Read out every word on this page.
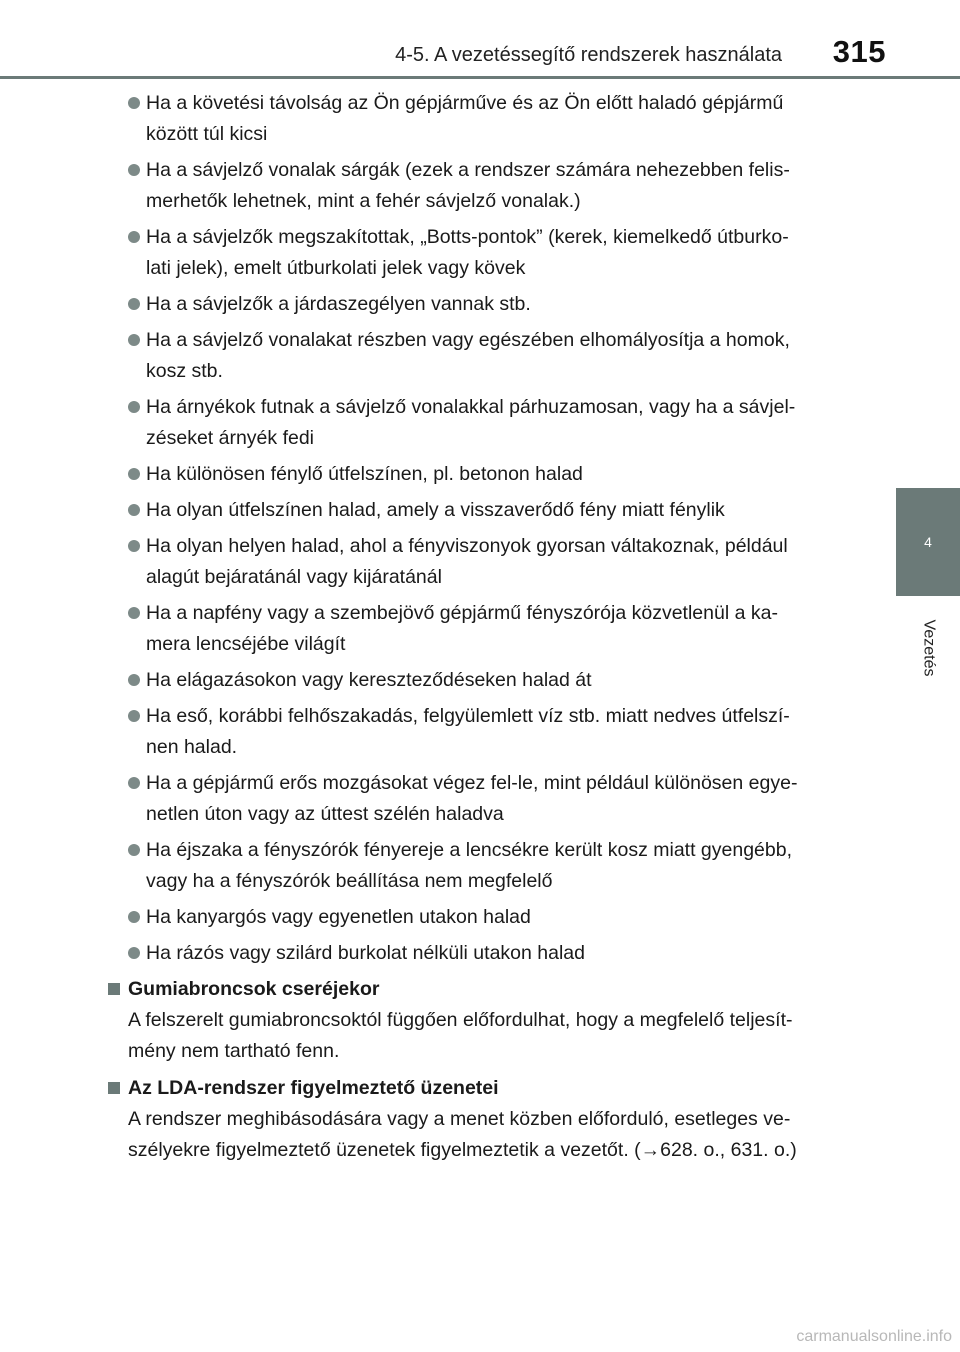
4-5. A vezetéssegítő rendszerek használata 315
4
Vezetés
Ha a követési távolság az Ön gépjárműve és az Ön előtt haladó gépjármű
között túl kicsi
Ha a sávjelző vonalak sárgák (ezek a rendszer számára nehezebben felis-
merhetők lehetnek, mint a fehér sávjelző vonalak.)
Ha a sávjelzők megszakítottak, „Botts-pontok” (kerek, kiemelkedő útburko-
lati jelek), emelt útburkolati jelek vagy kövek
Ha a sávjelzők a járdaszegélyen vannak stb.
Ha a sávjelző vonalakat részben vagy egészében elhomályosítja a homok,
kosz stb.
Ha árnyékok futnak a sávjelző vonalakkal párhuzamosan, vagy ha a sávjel-
zéseket árnyék fedi
Ha különösen fénylő útfelszínen, pl. betonon halad
Ha olyan útfelszínen halad, amely a visszaverődő fény miatt fénylik
Ha olyan helyen halad, ahol a fényviszonyok gyorsan váltakoznak, például
alagút bejáratánál vagy kijáratánál
Ha a napfény vagy a szembejövő gépjármű fényszórója közvetlenül a ka-
mera lencséjébe világít
Ha elágazásokon vagy kereszteződéseken halad át
Ha eső, korábbi felhőszakadás, felgyülemlett víz stb. miatt nedves útfelszí-
nen halad.
Ha a gépjármű erős mozgásokat végez fel-le, mint például különösen egye-
netlen úton vagy az úttest szélén haladva
Ha éjszaka a fényszórók fényereje a lencsékre került kosz miatt gyengébb,
vagy ha a fényszórók beállítása nem megfelelő
Ha kanyargós vagy egyenetlen utakon halad
Ha rázós vagy szilárd burkolat nélküli utakon halad
Gumiabroncsok cseréjekor
A felszerelt gumiabroncsoktól függően előfordulhat, hogy a megfelelő teljesít-
mény nem tartható fenn.
Az LDA-rendszer figyelmeztető üzenetei
A rendszer meghibásodására vagy a menet közben előforduló, esetleges ve-
szélyekre figyelmeztető üzenetek figyelmeztetik a vezetőt. (→628. o., 631. o.)
carmanualsonline.info
